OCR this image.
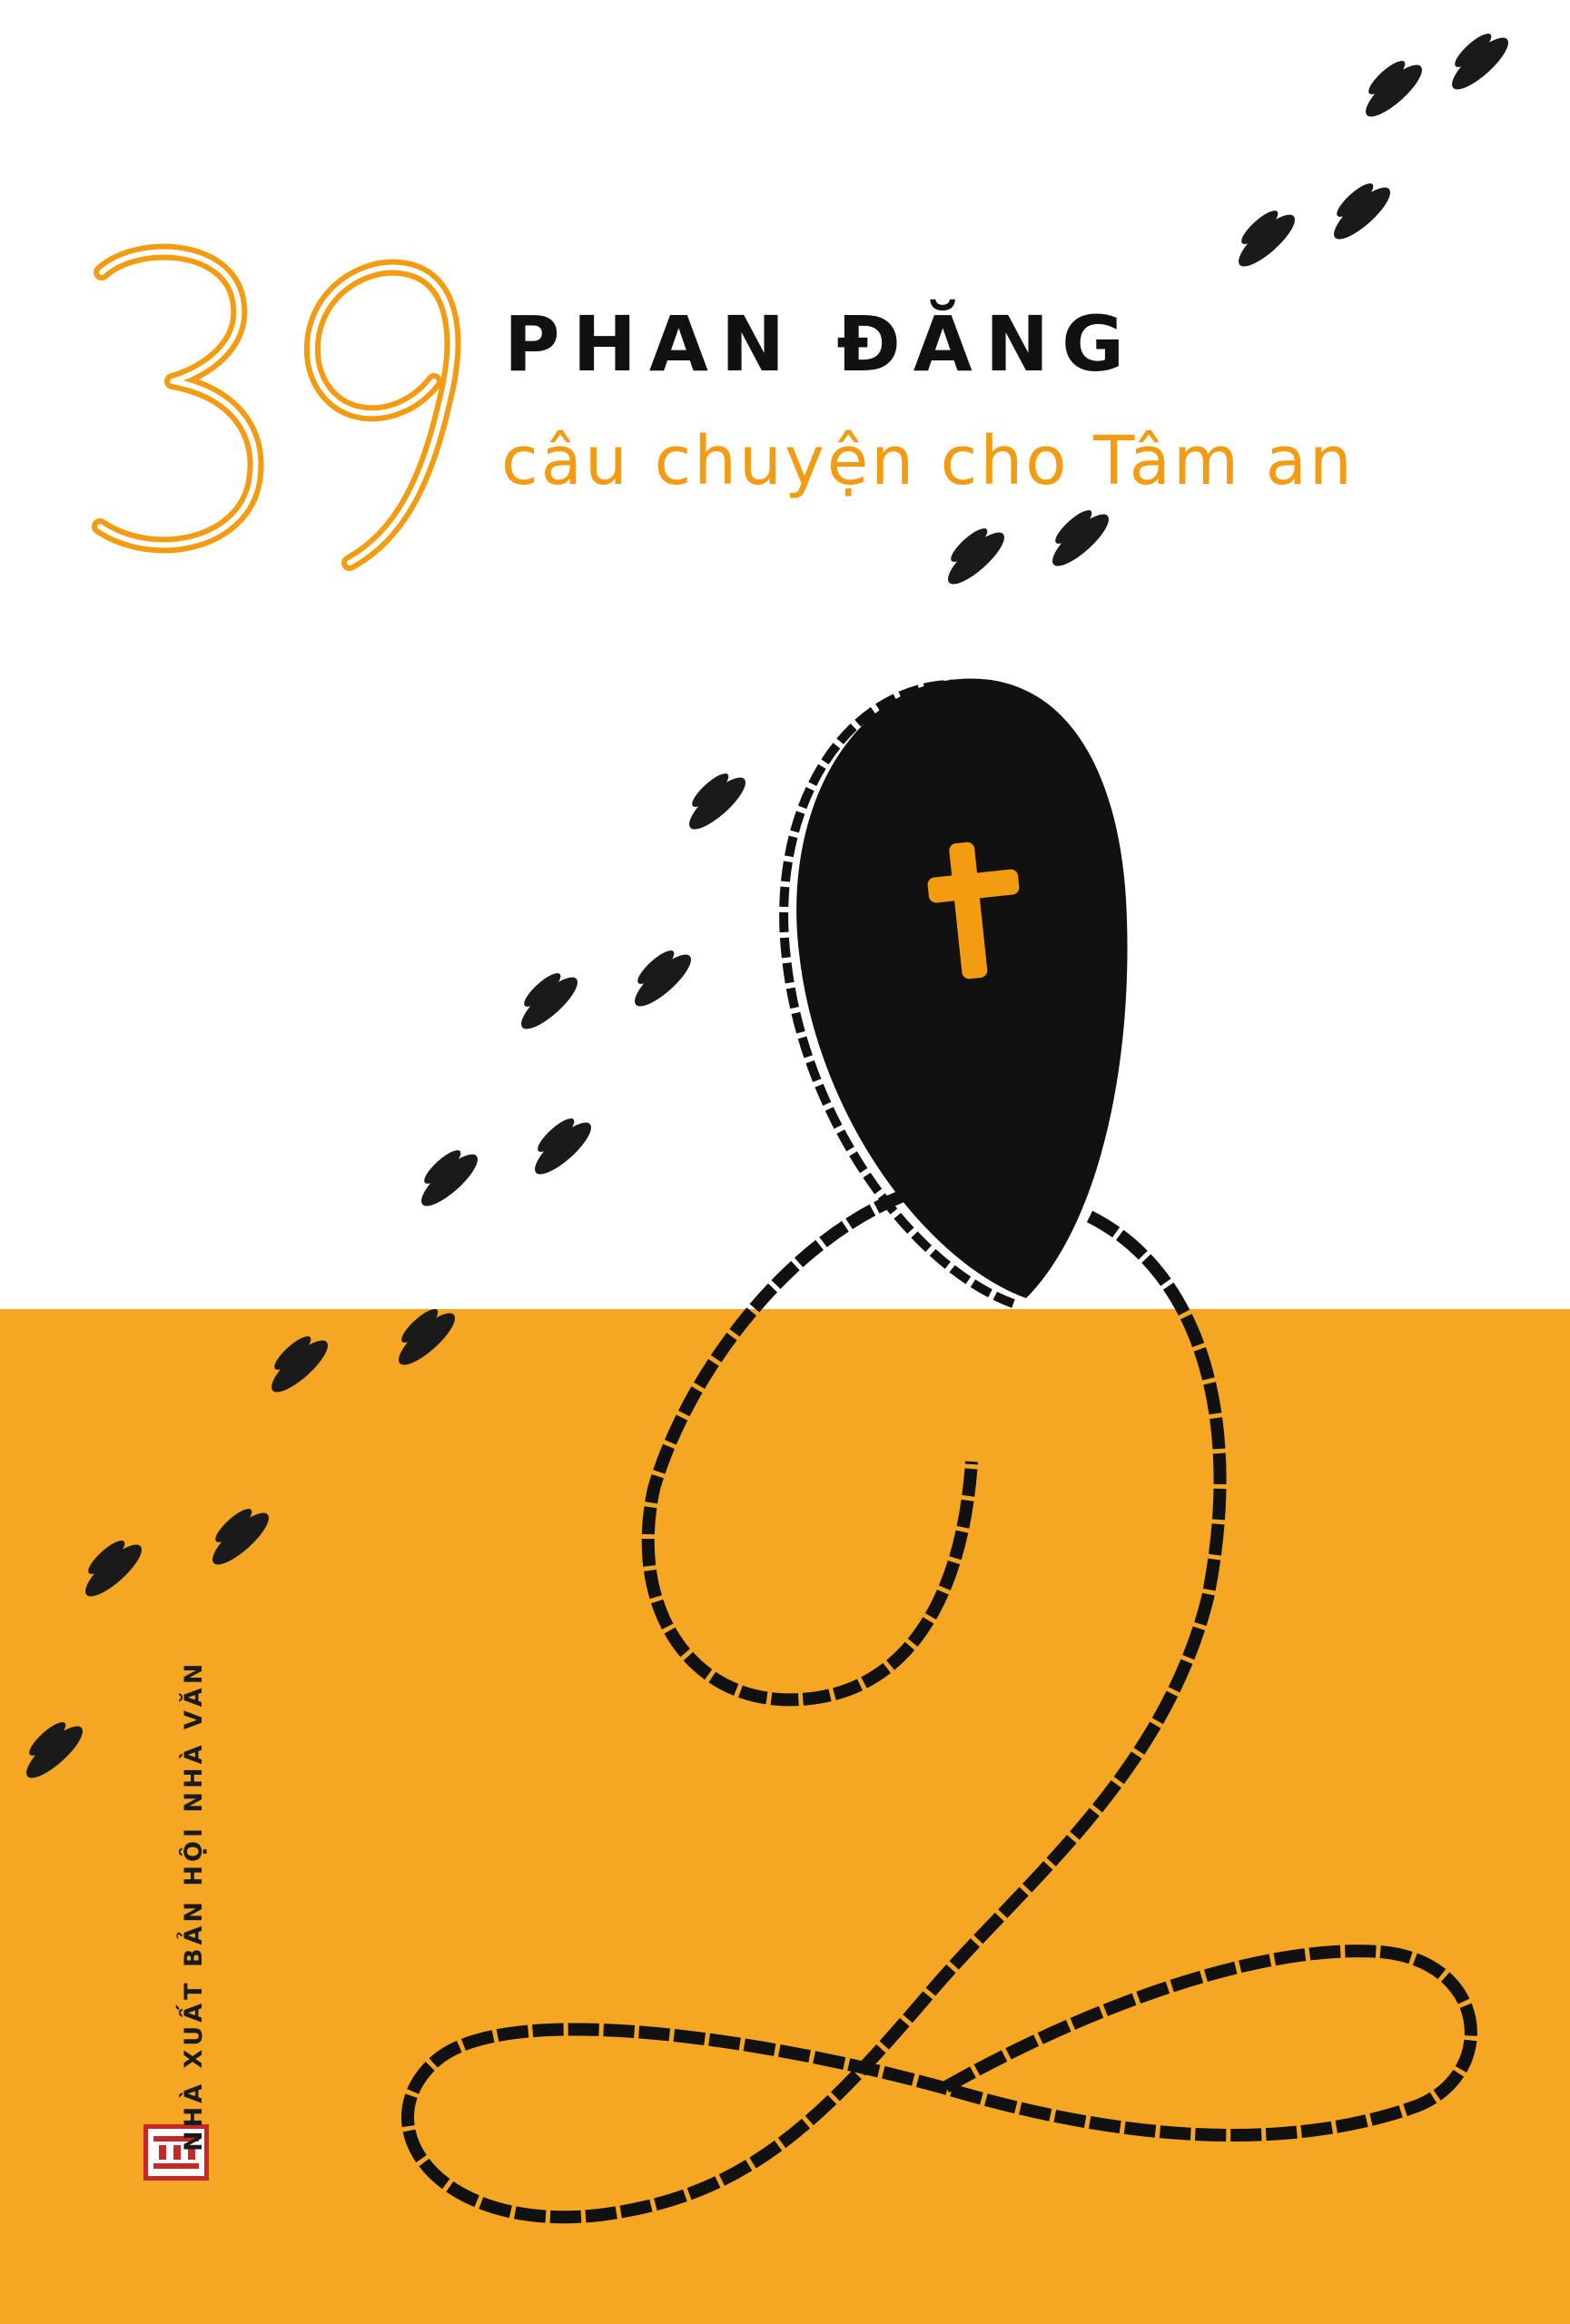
PHAN ĐĂNG
câu chuyện cho Tâm an
NHÀ XUẤT BẢN HỘI NHÀ VĂN
